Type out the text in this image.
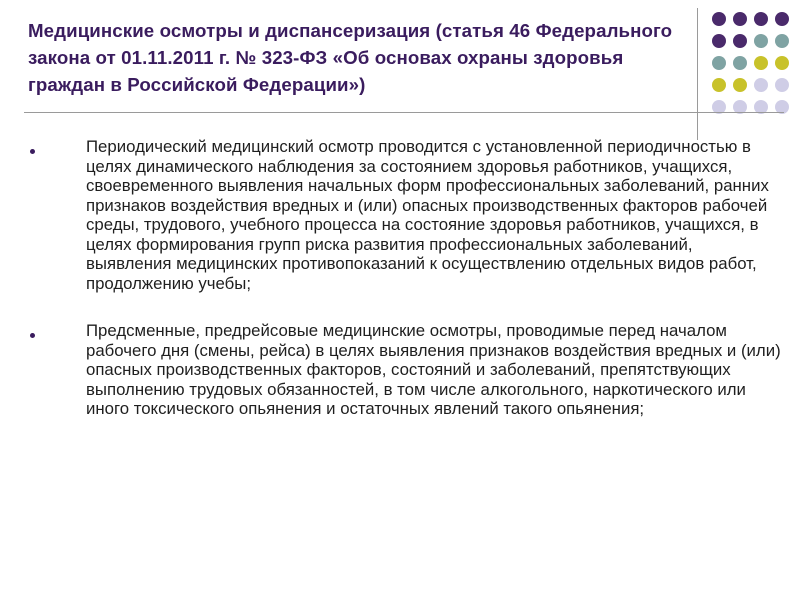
Медицинские осмотры и диспансеризация (статья 46 Федерального закона от 01.11.2011 г. № 323-ФЗ «Об основах охраны здоровья граждан в Российской Федерации»)
Периодический медицинский осмотр проводится с установленной периодичностью в целях динамического наблюдения за состоянием здоровья работников, учащихся, своевременного выявления начальных форм профессиональных заболеваний, ранних признаков воздействия вредных и (или) опасных производственных факторов рабочей среды, трудового, учебного процесса на состояние здоровья работников, учащихся, в целях формирования групп риска развития профессиональных заболеваний, выявления медицинских противопоказаний к осуществлению отдельных видов работ, продолжению учебы;
Предсменные, предрейсовые медицинские осмотры, проводимые перед началом рабочего дня (смены, рейса) в целях выявления признаков воздействия вредных и (или) опасных производственных факторов, состояний и заболеваний, препятствующих выполнению трудовых обязанностей, в том числе алкогольного, наркотического или иного токсического опьянения и остаточных явлений такого опьянения;
